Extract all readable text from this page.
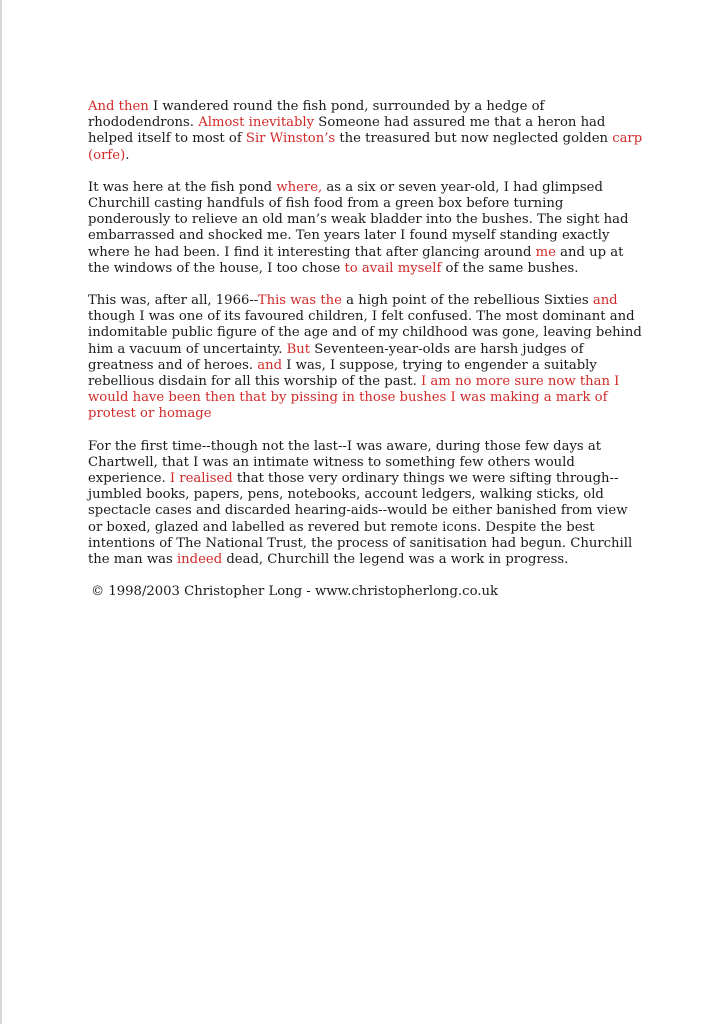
And then I wandered round the fish pond, surrounded by a hedge of rhododendrons. Almost inevitably Someone had assured me that a heron had helped itself to most of Sir Winston’s the treasured but now neglected golden carp (orfe).

It was here at the fish pond where, as a six or seven year-old, I had glimpsed Churchill casting handfuls of fish food from a green box before turning ponderously to relieve an old man’s weak bladder into the bushes. The sight had embarrassed and shocked me. Ten years later I found myself standing exactly where he had been. I find it interesting that after glancing around me and up at the windows of the house, I too chose to avail myself of the same bushes.

This was, after all, 1966--This was the a high point of the rebellious Sixties and though I was one of its favoured children, I felt confused. The most dominant and indomitable public figure of the age and of my childhood was gone, leaving behind him a vacuum of uncertainty. But Seventeen-year-olds are harsh judges of greatness and of heroes. and I was, I suppose, trying to engender a suitably rebellious disdain for all this worship of the past. I am no more sure now than I would have been then that by pissing in those bushes I was making a mark of protest or homage

For the first time--though not the last--I was aware, during those few days at Chartwell, that I was an intimate witness to something few others would experience. I realised that those very ordinary things we were sifting through--jumbled books, papers, pens, notebooks, account ledgers, walking sticks, old spectacle cases and discarded hearing-aids--would be either banished from view or boxed, glazed and labelled as revered but remote icons. Despite the best intentions of The National Trust, the process of sanitisation had begun. Churchill the man was indeed dead, Churchill the legend was a work in progress.

© 1998/2003 Christopher Long - www.christopherlong.co.uk
